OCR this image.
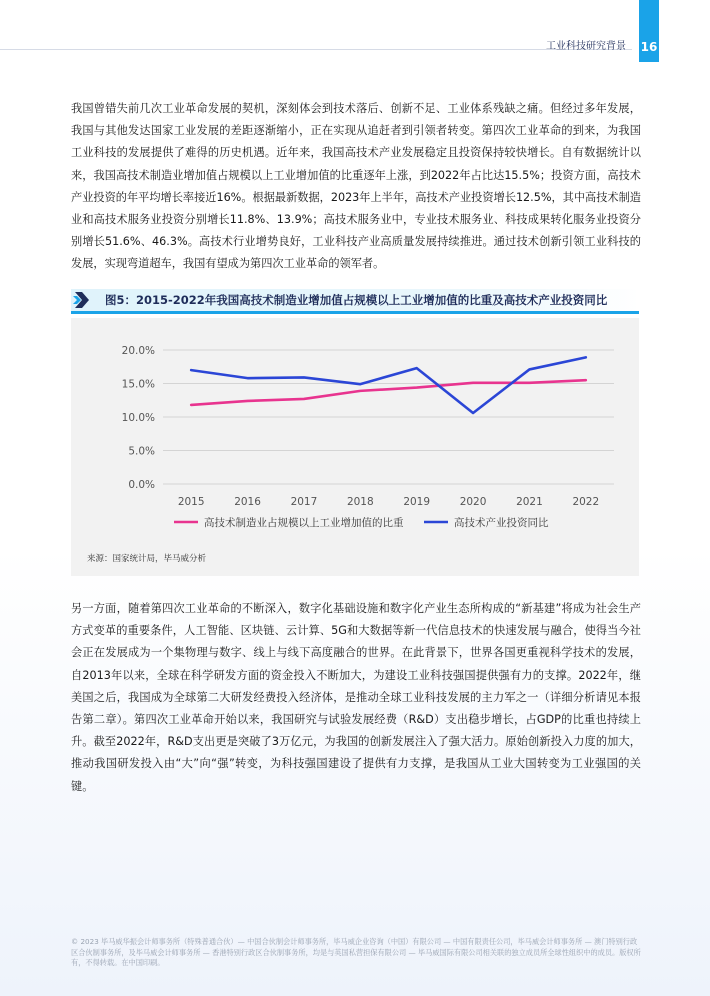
工业科技研究背景 16

我国曾错失前几次工业革命发展的契机，深刻体会到技术落后、创新不足、工业体系残缺之痛。但经过多年发展，我国与其他发达国家工业发展的差距逐渐缩小，正在实现从追赶者到引领者转变。第四次工业革命的到来，为我国工业科技的发展提供了难得的历史机遇。近年来，我国高技术产业发展稳定且投资保持较快增长。自有数据统计以来，我国高技术制造业增加值占规模以上工业增加值的比重逐年上涨，到2022年占比达15.5%；投资方面，高技术产业投资的年平均增长率接近16%。根据最新数据，2023年上半年，高技术产业投资增长12.5%，其中高技术制造业和高技术服务业投资分别增长11.8%、13.9%；高技术服务业中，专业技术服务业、科技成果转化服务业投资分别增长51.6%、46.3%。高技术行业增势良好，工业科技产业高质量发展持续推进。通过技术创新引领工业科技的发展，实现弯道超车，我国有望成为第四次工业革命的领军者。

图5：2015-2022年我国高技术制造业增加值占规模以上工业增加值的比重及高技术产业投资同比
20.0%
15.0%
10.0%
5.0%
0.0%
2015	2016	2017	2018	2019	2020	2021	2022
高技术制造业占规模以上工业增加值的比重	高技术产业投资同比
来源：国家统计局，毕马威分析

另一方面，随着第四次工业革命的不断深入，数字化基础设施和数字化产业生态所构成的“新基建”将成为社会生产方式变革的重要条件，人工智能、区块链、云计算、5G和大数据等新一代信息技术的快速发展与融合，使得当今社会正在发展成为一个集物理与数字、线上与线下高度融合的世界。在此背景下，世界各国更重视科学技术的发展，自2013年以来，全球在科学研发方面的资金投入不断加大，为建设工业科技强国提供强有力的支撑。2022年，继美国之后，我国成为全球第二大研发经费投入经济体，是推动全球工业科技发展的主力军之一（详细分析请见本报告第二章）。第四次工业革命开始以来，我国研究与试验发展经费（R&D）支出稳步增长，占GDP的比重也持续上升。截至2022年，R&D支出更是突破了3万亿元，为我国的创新发展注入了强大活力。原始创新投入力度的加大，推动我国研发投入由“大”向“强”转变，为科技强国建设了提供有力支撑，是我国从工业大国转变为工业强国的关键。

© 2023 毕马威华振会计师事务所（特殊普通合伙）— 中国合伙制会计师事务所，毕马威企业咨询（中国）有限公司 — 中国有限责任公司，毕马威会计师事务所 — 澳门特别行政区合伙制事务所，及毕马威会计师事务所 — 香港特别行政区合伙制事务所，均是与英国私营担保有限公司 — 毕马威国际有限公司相关联的独立成员所全球性组织中的成员。版权所有，不得转载。在中国印刷。
